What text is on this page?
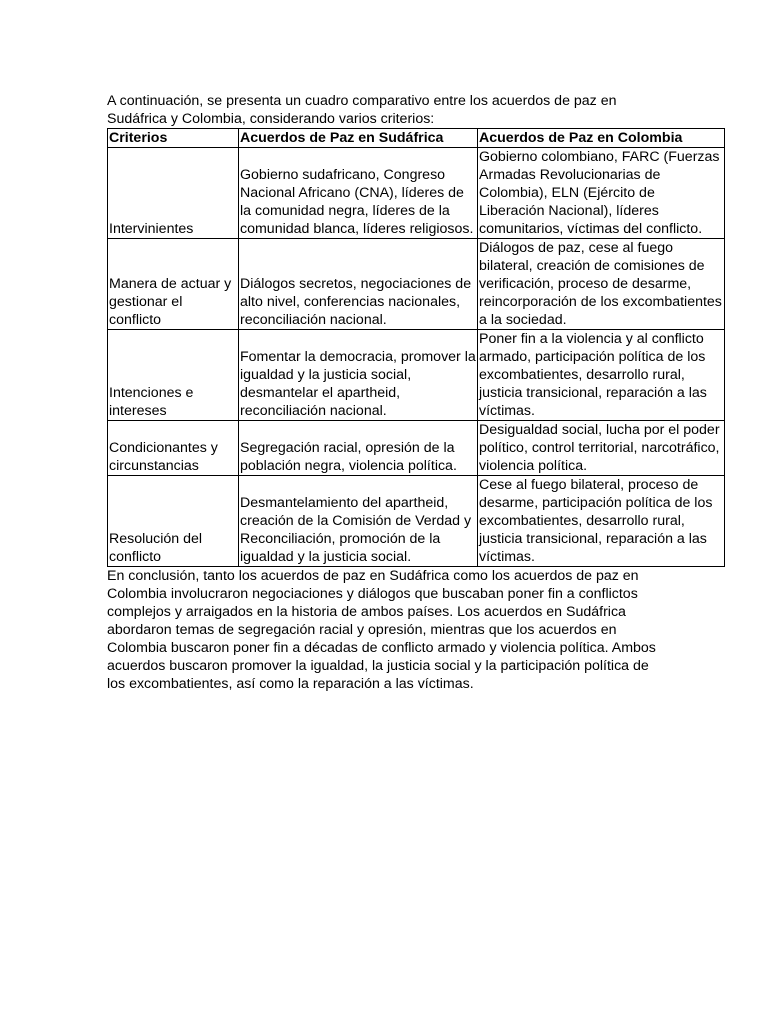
A continuación, se presenta un cuadro comparativo entre los acuerdos de paz en Sudáfrica y Colombia, considerando varios criterios:

Criterios	Acuerdos de Paz en Sudáfrica	Acuerdos de Paz en Colombia
Intervinientes	Gobierno sudafricano, Congreso Nacional Africano (CNA), líderes de la comunidad negra, líderes de la comunidad blanca, líderes religiosos.	Gobierno colombiano, FARC (Fuerzas Armadas Revolucionarias de Colombia), ELN (Ejército de Liberación Nacional), líderes comunitarios, víctimas del conflicto.
Manera de actuar y gestionar el conflicto	Diálogos secretos, negociaciones de alto nivel, conferencias nacionales, reconciliación nacional.	Diálogos de paz, cese al fuego bilateral, creación de comisiones de verificación, proceso de desarme, reincorporación de los excombatientes a la sociedad.
Intenciones e intereses	Fomentar la democracia, promover la igualdad y la justicia social, desmantelar el apartheid, reconciliación nacional.	Poner fin a la violencia y al conflicto armado, participación política de los excombatientes, desarrollo rural, justicia transicional, reparación a las víctimas.
Condicionantes y circunstancias	Segregación racial, opresión de la población negra, violencia política.	Desigualdad social, lucha por el poder político, control territorial, narcotráfico, violencia política.
Resolución del conflicto	Desmantelamiento del apartheid, creación de la Comisión de Verdad y Reconciliación, promoción de la igualdad y la justicia social.	Cese al fuego bilateral, proceso de desarme, participación política de los excombatientes, desarrollo rural, justicia transicional, reparación a las víctimas.

En conclusión, tanto los acuerdos de paz en Sudáfrica como los acuerdos de paz en Colombia involucraron negociaciones y diálogos que buscaban poner fin a conflictos complejos y arraigados en la historia de ambos países. Los acuerdos en Sudáfrica abordaron temas de segregación racial y opresión, mientras que los acuerdos en Colombia buscaron poner fin a décadas de conflicto armado y violencia política. Ambos acuerdos buscaron promover la igualdad, la justicia social y la participación política de los excombatientes, así como la reparación a las víctimas.
